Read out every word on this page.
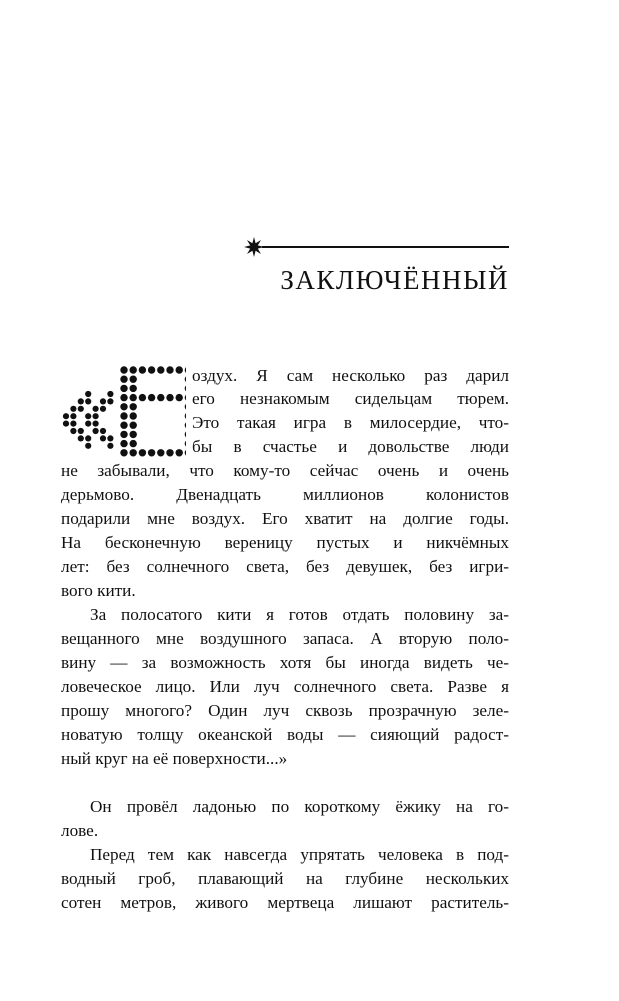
ЗАКЛЮЧЁННЫЙ
оздух. Я сам несколько раз дарил
его незнакомым сидельцам тюрем.
Это такая игра в милосердие, что-
бы в счастье и довольстве люди
не забывали, что кому-то сейчас очень и очень
дерьмово. Двенадцать миллионов колонистов
подарили мне воздух. Его хватит на долгие годы.
На бесконечную вереницу пустых и никчёмных
лет: без солнечного света, без девушек, без игри-
вого кити.
За полосатого кити я готов отдать половину за-
вещанного мне воздушного запаса. А вторую поло-
вину — за возможность хотя бы иногда видеть че-
ловеческое лицо. Или луч солнечного света. Разве я
прошу многого? Один луч сквозь прозрачную зеле-
новатую толщу океанской воды — сияющий радост-
ный круг на её поверхности...»
Он провёл ладонью по короткому ёжику на го-
лове.
Перед тем как навсегда упрятать человека в под-
водный гроб, плавающий на глубине нескольких
сотен метров, живого мертвеца лишают раститель-
